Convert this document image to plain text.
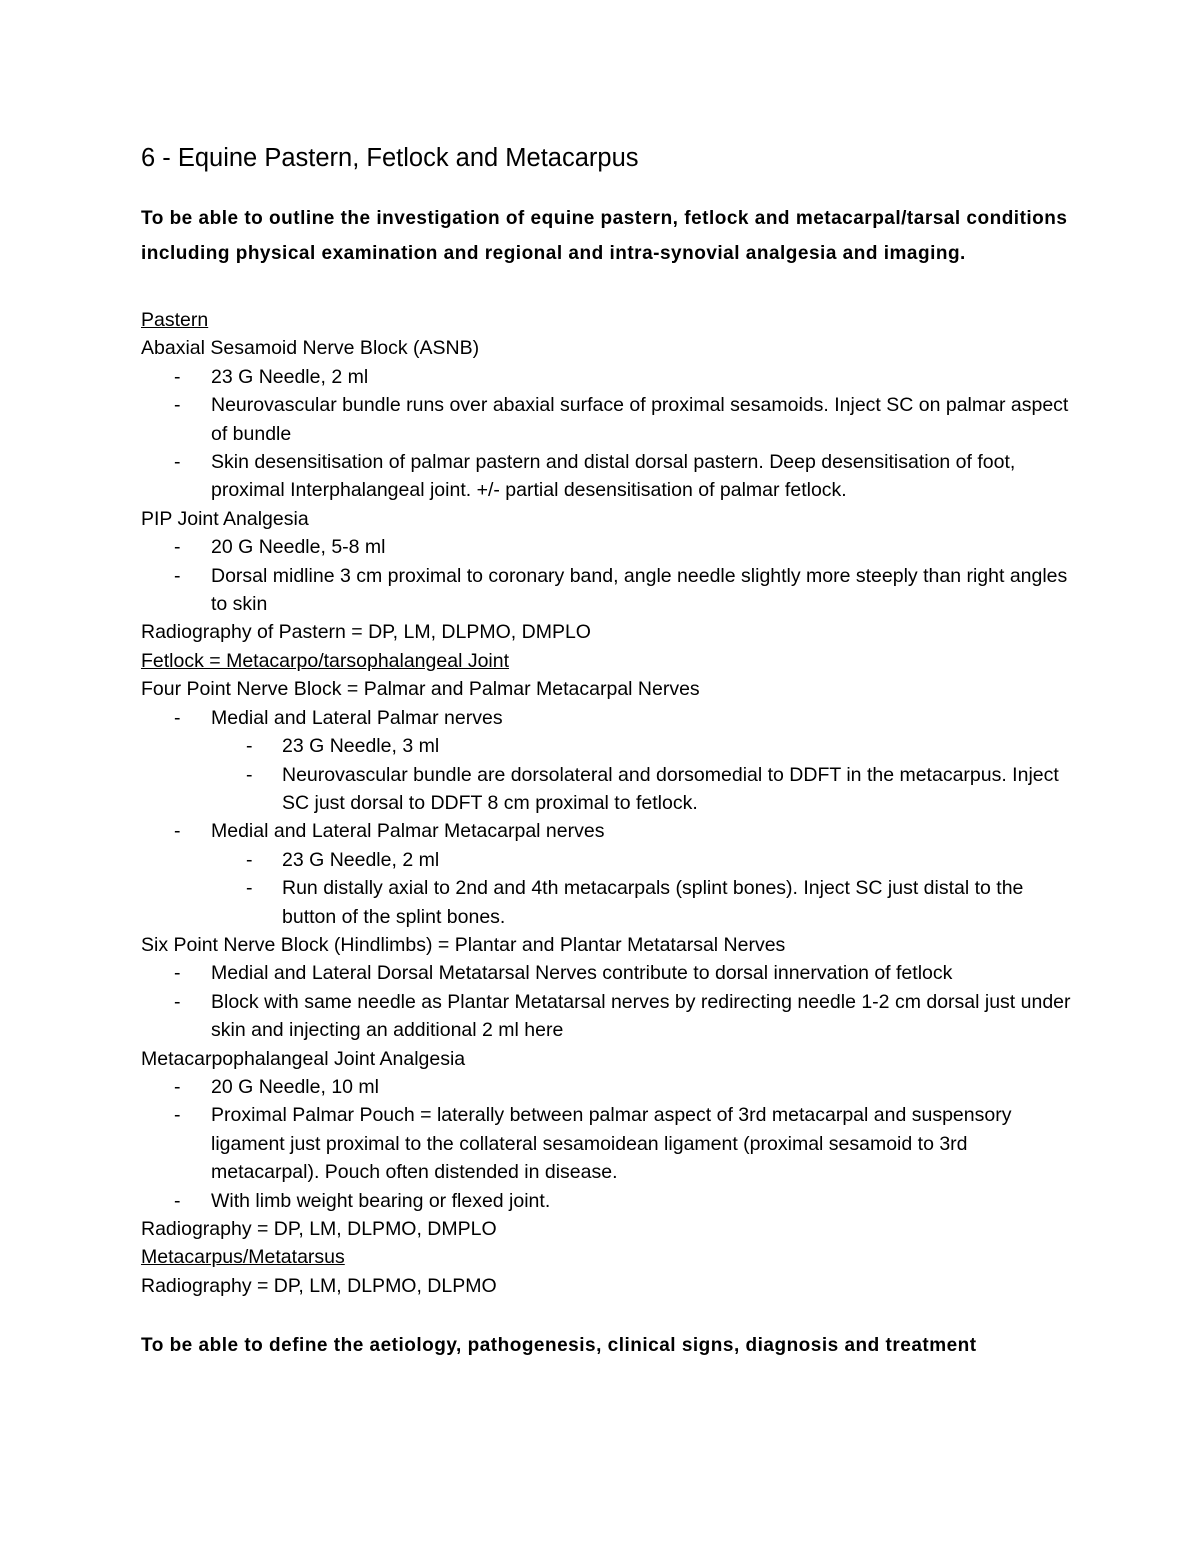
6 - Equine Pastern, Fetlock and Metacarpus

To be able to outline the investigation of equine pastern, fetlock and metacarpal/tarsal conditions including physical examination and regional and intra-synovial analgesia and imaging.

Pastern

Abaxial Sesamoid Nerve Block (ASNB)

- 23 G Needle, 2 ml

- Neurovascular bundle runs over abaxial surface of proximal sesamoids. Inject SC on palmar aspect of bundle

- Skin desensitisation of palmar pastern and distal dorsal pastern. Deep desensitisation of foot, proximal Interphalangeal joint. +/- partial desensitisation of palmar fetlock.

PIP Joint Analgesia

- 20 G Needle, 5-8 ml

- Dorsal midline 3 cm proximal to coronary band, angle needle slightly more steeply than right angles to skin

Radiography of Pastern = DP, LM, DLPMO, DMPLO

Fetlock = Metacarpo/tarsophalangeal Joint

Four Point Nerve Block = Palmar and Palmar Metacarpal Nerves

- Medial and Lateral Palmar nerves

- 23 G Needle, 3 ml

- Neurovascular bundle are dorsolateral and dorsomedial to DDFT in the metacarpus. Inject SC just dorsal to DDFT 8 cm proximal to fetlock.

- Medial and Lateral Palmar Metacarpal nerves

- 23 G Needle, 2 ml

- Run distally axial to 2nd and 4th metacarpals (splint bones). Inject SC just distal to the button of the splint bones.

Six Point Nerve Block (Hindlimbs) = Plantar and Plantar Metatarsal Nerves

- Medial and Lateral Dorsal Metatarsal Nerves contribute to dorsal innervation of fetlock

- Block with same needle as Plantar Metatarsal nerves by redirecting needle 1-2 cm dorsal just under skin and injecting an additional 2 ml here

Metacarpophalangeal Joint Analgesia

- 20 G Needle, 10 ml

- Proximal Palmar Pouch = laterally between palmar aspect of 3rd metacarpal and suspensory ligament just proximal to the collateral sesamoidean ligament (proximal sesamoid to 3rd metacarpal). Pouch often distended in disease.

- With limb weight bearing or flexed joint.

Radiography = DP, LM, DLPMO, DMPLO

Metacarpus/Metatarsus

Radiography = DP, LM, DLPMO, DLPMO

To be able to define the aetiology, pathogenesis, clinical signs, diagnosis and treatment
